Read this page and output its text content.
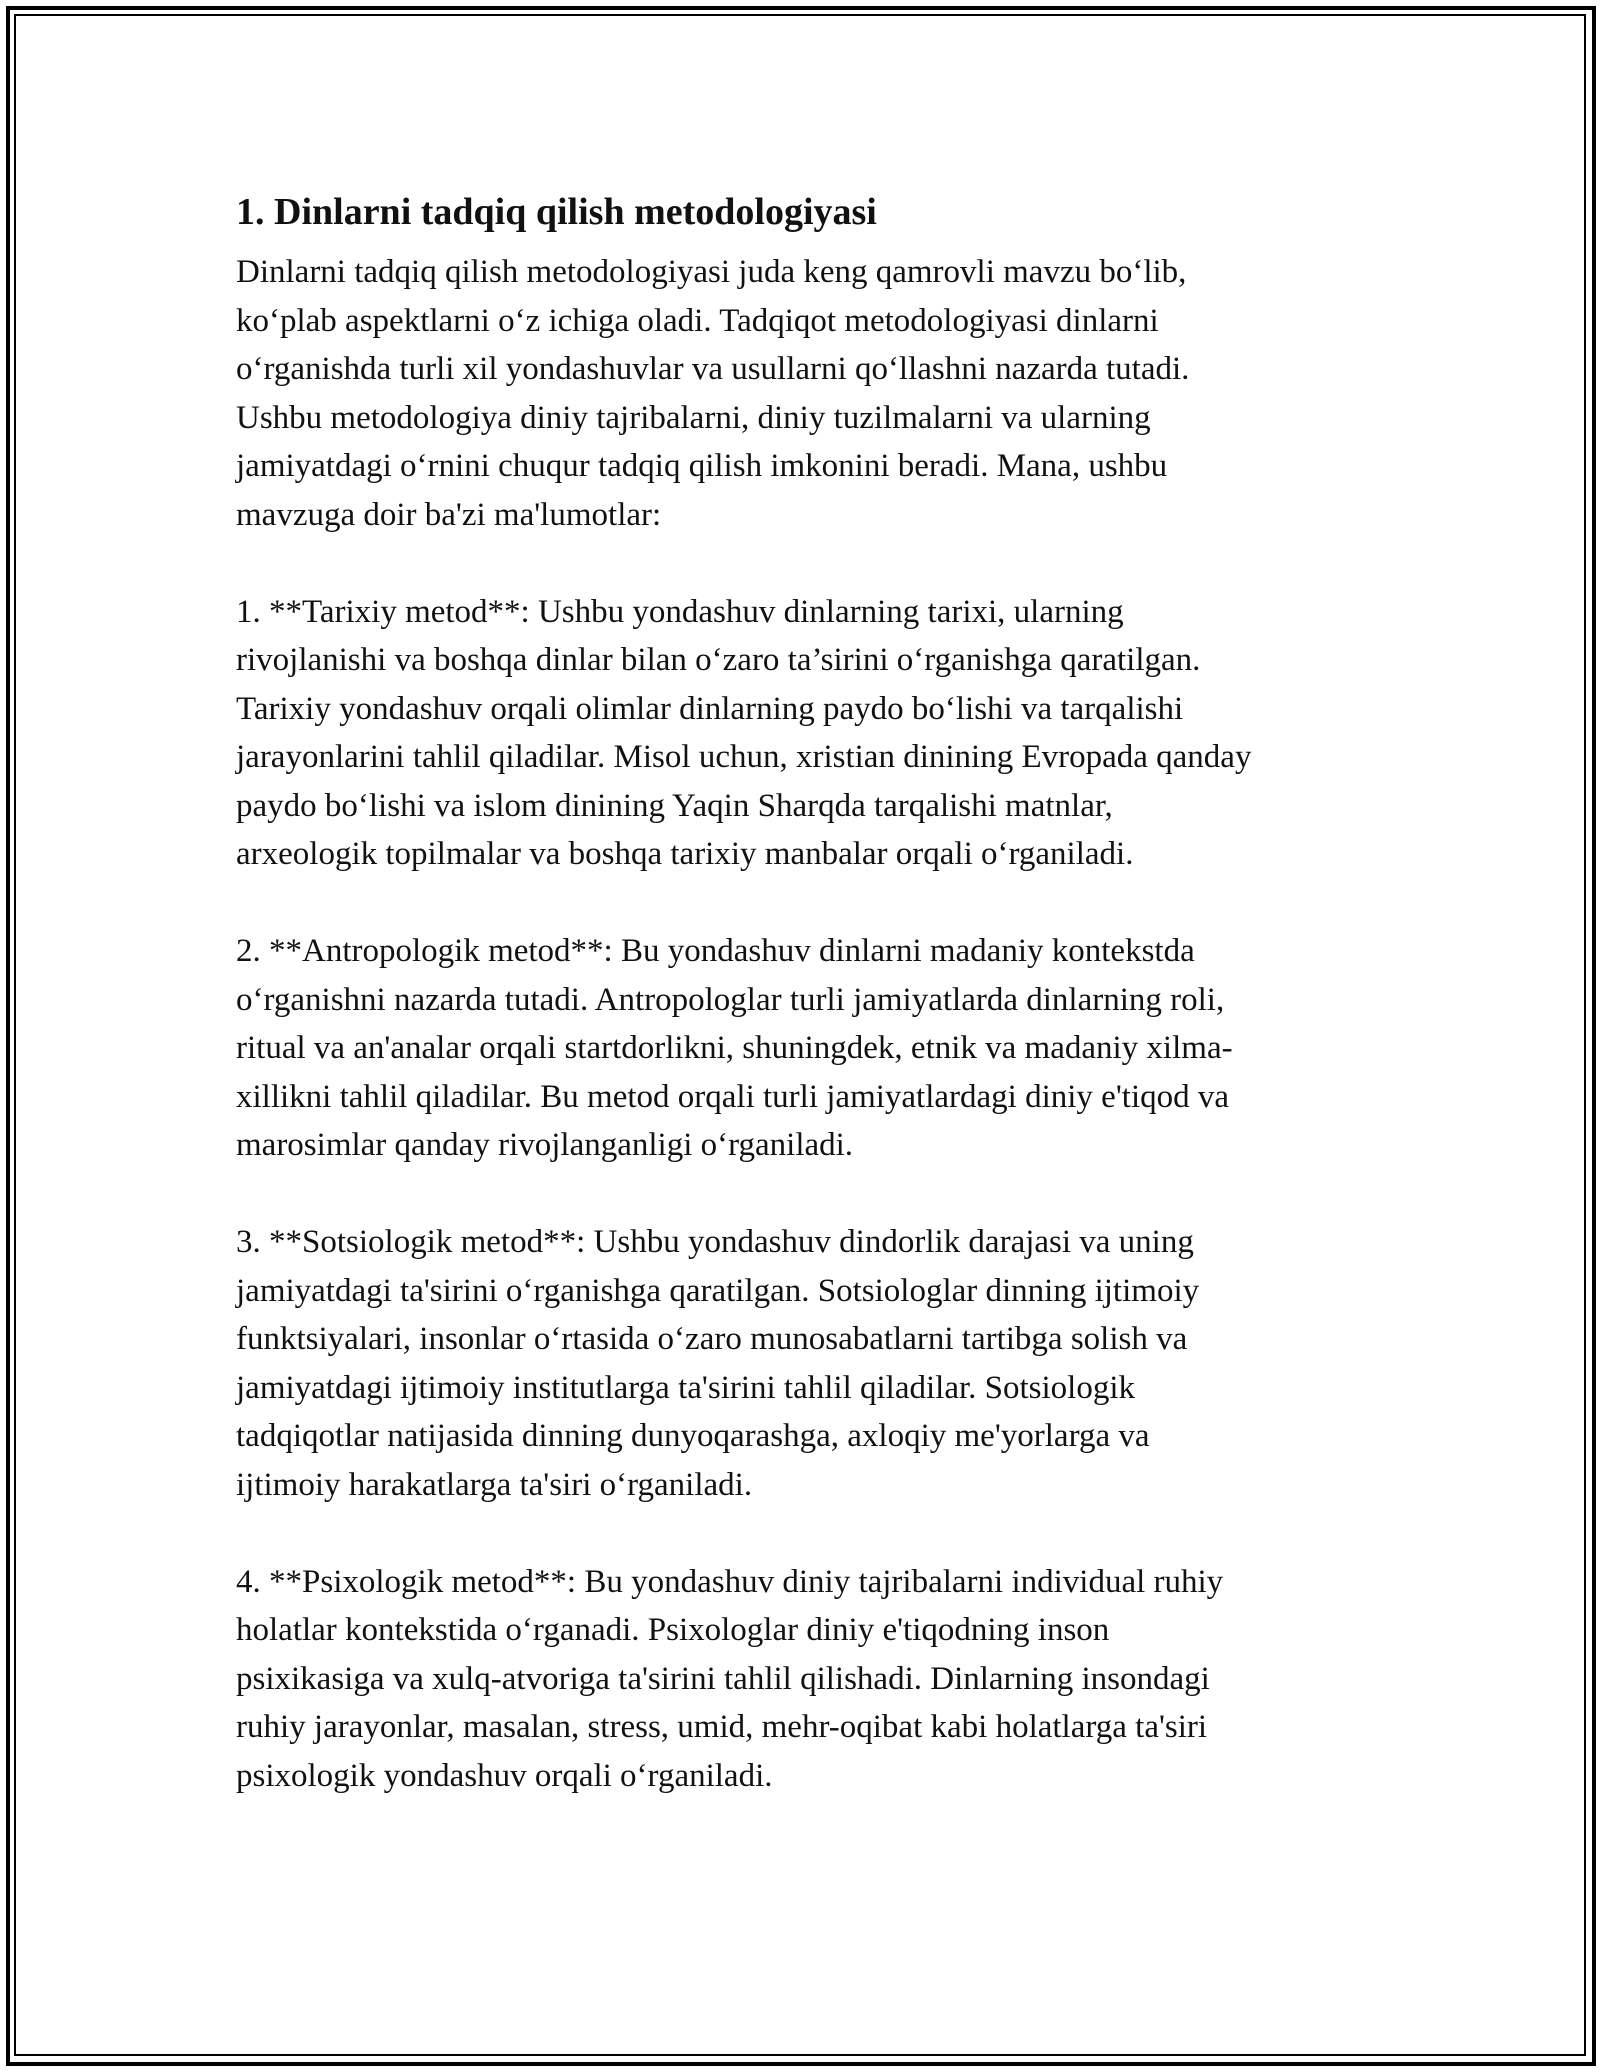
1. Dinlarni tadqiq qilish metodologiyasi

Dinlarni tadqiq qilish metodologiyasi juda keng qamrovli mavzu bo‘lib,
ko‘plab aspektlarni o‘z ichiga oladi. Tadqiqot metodologiyasi dinlarni
o‘rganishda turli xil yondashuvlar va usullarni qo‘llashni nazarda tutadi.
Ushbu metodologiya diniy tajribalarni, diniy tuzilmalarni va ularning
jamiyatdagi o‘rnini chuqur tadqiq qilish imkonini beradi. Mana, ushbu
mavzuga doir ba'zi ma'lumotlar:

1. **Tarixiy metod**: Ushbu yondashuv dinlarning tarixi, ularning
rivojlanishi va boshqa dinlar bilan o‘zaro ta’sirini o‘rganishga qaratilgan.
Tarixiy yondashuv orqali olimlar dinlarning paydo bo‘lishi va tarqalishi
jarayonlarini tahlil qiladilar. Misol uchun, xristian dinining Evropada qanday
paydo bo‘lishi va islom dinining Yaqin Sharqda tarqalishi matnlar,
arxeologik topilmalar va boshqa tarixiy manbalar orqali o‘rganiladi.

2. **Antropologik metod**: Bu yondashuv dinlarni madaniy kontekstda
o‘rganishni nazarda tutadi. Antropologlar turli jamiyatlarda dinlarning roli,
ritual va an'analar orqali startdorlikni, shuningdek, etnik va madaniy xilma-
xillikni tahlil qiladilar. Bu metod orqali turli jamiyatlardagi diniy e'tiqod va
marosimlar qanday rivojlanganligi o‘rganiladi.

3. **Sotsiologik metod**: Ushbu yondashuv dindorlik darajasi va uning
jamiyatdagi ta'sirini o‘rganishga qaratilgan. Sotsiologlar dinning ijtimoiy
funktsiyalari, insonlar o‘rtasida o‘zaro munosabatlarni tartibga solish va
jamiyatdagi ijtimoiy institutlarga ta'sirini tahlil qiladilar. Sotsiologik
tadqiqotlar natijasida dinning dunyoqarashga, axloqiy me'yorlarga va
ijtimoiy harakatlarga ta'siri o‘rganiladi.

4. **Psixologik metod**: Bu yondashuv diniy tajribalarni individual ruhiy
holatlar kontekstida o‘rganadi. Psixologlar diniy e'tiqodning inson
psixikasiga va xulq-atvoriga ta'sirini tahlil qilishadi. Dinlarning insondagi
ruhiy jarayonlar, masalan, stress, umid, mehr-oqibat kabi holatlarga ta'siri
psixologik yondashuv orqali o‘rganiladi.
